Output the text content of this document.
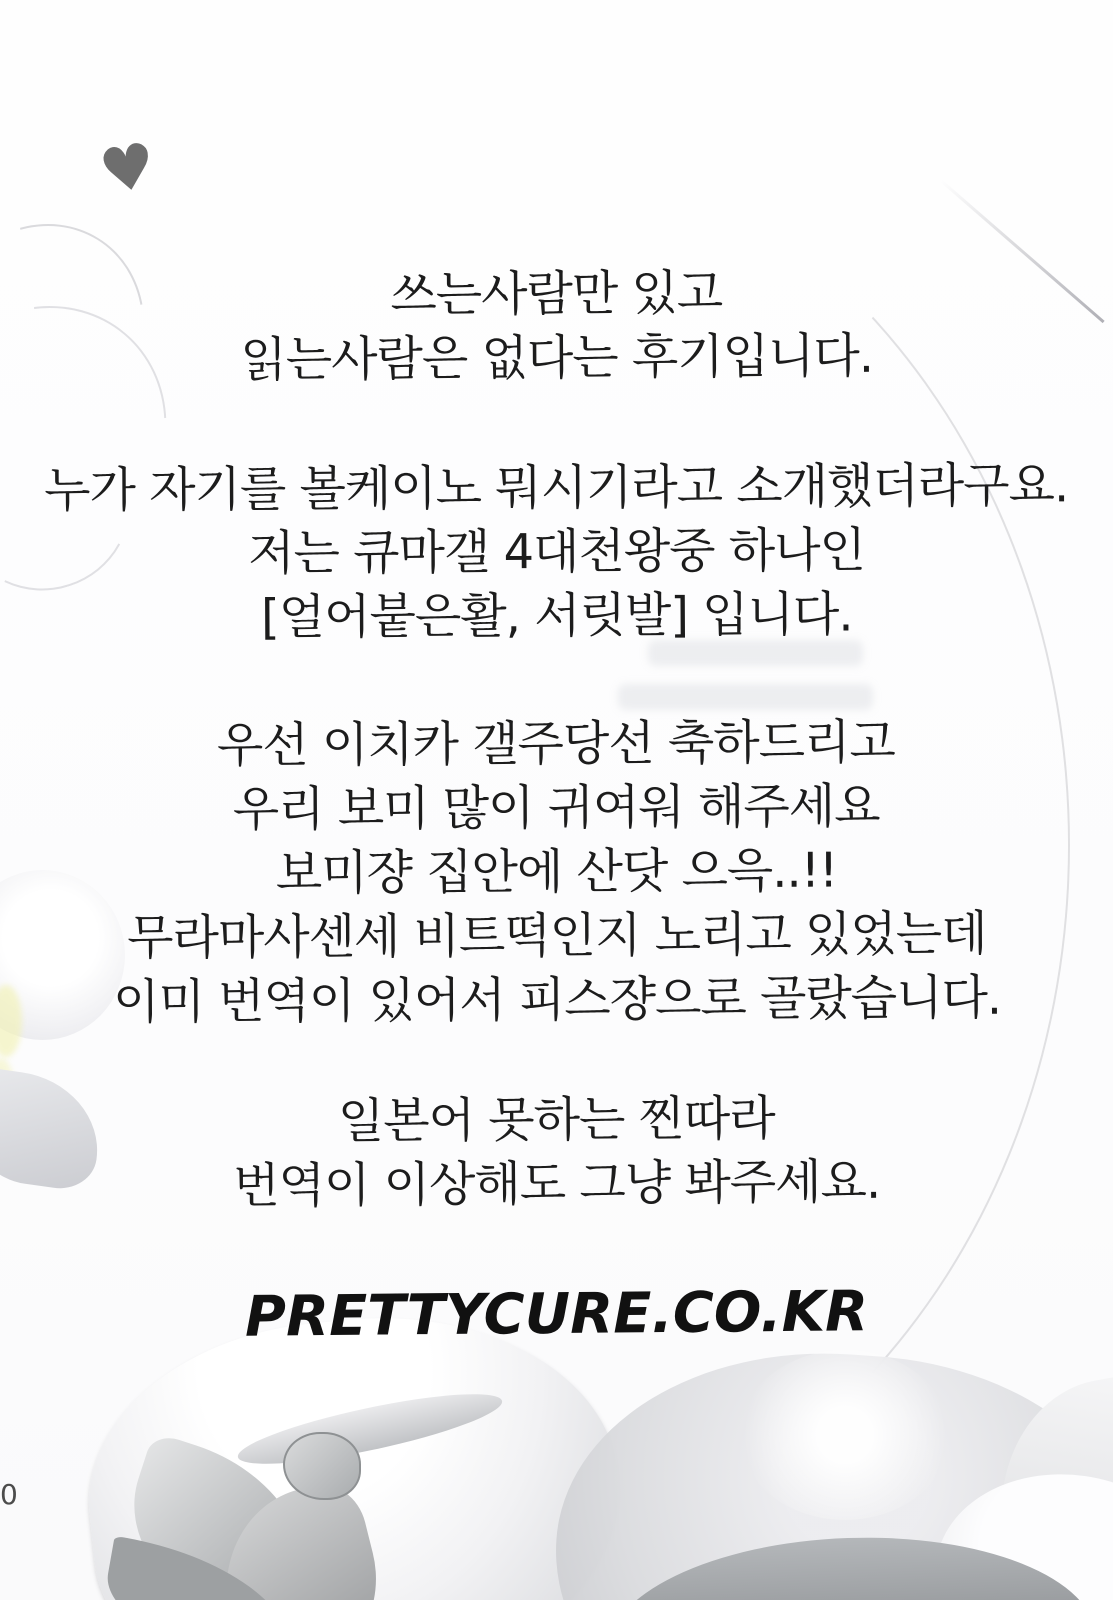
♥
0
쓰는사람만 있고
읽는사람은 없다는 후기입니다.
누가 자기를 볼케이노 뭐시기라고 소개했더라구요.
저는 큐마갤 4대천왕중 하나인
[얼어붙은활, 서릿발] 입니다.
우선 이치카 갤주당선 축하드리고
우리 보미 많이 귀여워 해주세요
보미쟝 집안에 산닷 으윽..!!
무라마사센세 비트떡인지 노리고 있었는데
이미 번역이 있어서 피스쟝으로 골랐습니다.
일본어 못하는 찐따라
번역이 이상해도 그냥 봐주세요.
PRETTYCURE.CO.KR
